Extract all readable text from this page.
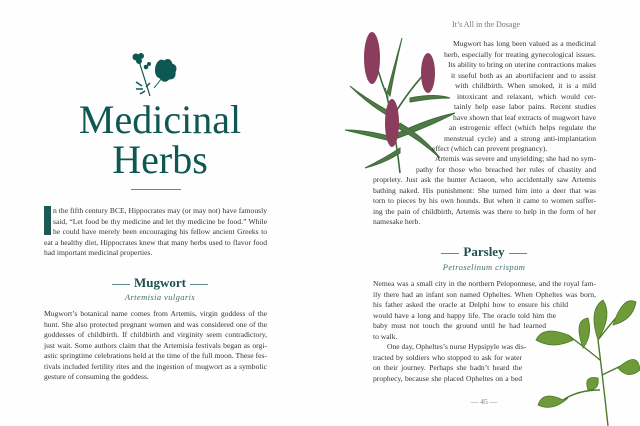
Medicinal
Herbs
n the fifth century BCE, Hippocrates may (or may not) have famously
said, “Let food be thy medicine and let thy medicine be food.” While
he could have merely been encouraging his fellow ancient Greeks to
eat a healthy diet, Hippocrates knew that many herbs used to flavor food
had important medicinal properties.
Mugwort
Artemisia vulgaris
Mugwort’s botanical name comes from Artemis, virgin goddess of the
hunt. She also protected pregnant women and was considered one of the
goddesses of childbirth. If childbirth and virginity seem contradictory,
just wait. Some authors claim that the Artemisia festivals began as orgi-
astic springtime celebrations held at the time of the full moon. These fes-
tivals included fertility rites and the ingestion of mugwort as a symbolic
gesture of consuming the goddess.
It’s All in the Dosage
Mugwort has long been valued as a medicinal
herb, especially for treating gynecological issues.
Its ability to bring on uterine contractions makes
it useful both as an abortifacient and to assist
with childbirth. When smoked, it is a mild
intoxicant and relaxant, which would cer-
tainly help ease labor pains. Recent studies
have shown that leaf extracts of mugwort have
an estrogenic effect (which helps regulate the
menstrual cycle) and a strong anti-implantation
effect (which can prevent pregnancy).
Artemis was severe and unyielding; she had no sym-
pathy for those who breached her rules of chastity and
propriety. Just ask the hunter Actaeon, who accidentally saw Artemis
bathing naked. His punishment: She turned him into a deer that was
torn to pieces by his own hounds. But when it came to women suffer-
ing the pain of childbirth, Artemis was there to help in the form of her
namesake herb.
Parsley
Petroselinum crispum
Nemea was a small city in the northern Peloponnese, and the royal fam-
ily there had an infant son named Opheltes. When Opheltes was born,
his father asked the oracle at Delphi how to ensure his child
would have a long and happy life. The oracle told him the
baby must not touch the ground until he had learned
to walk.
One day, Opheltes’s nurse Hypsipyle was dis-
tracted by soldiers who stopped to ask for water
on their journey. Perhaps she hadn’t heard the
prophecy, because she placed Opheltes on a bed
— 45 —
